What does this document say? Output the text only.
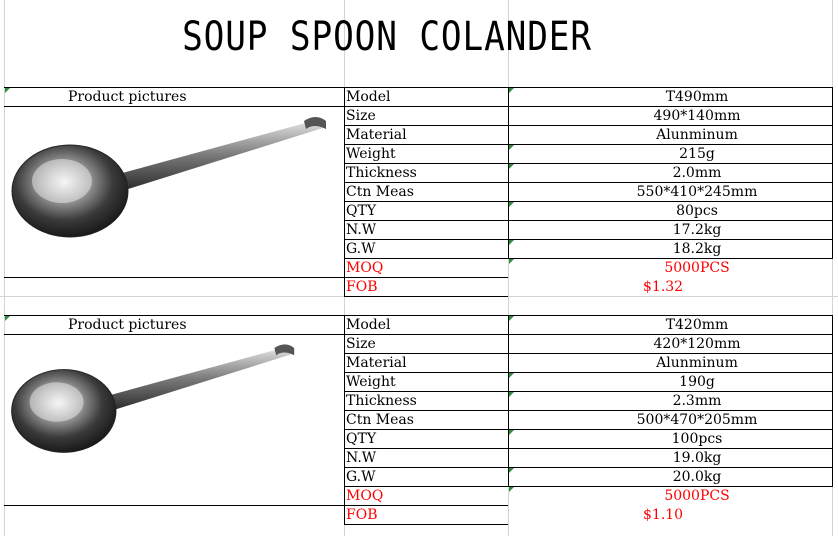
SOUP SPOON COLANDER
Product pictures	Model	T490mm
Size	490*140mm
Material	Alunminum
Weight	215g
Thickness	2.0mm
Ctn Meas	550*410*245mm
QTY	80pcs
N.W	17.2kg
G.W	18.2kg
MOQ	5000PCS
FOB	$1.32
Product pictures	Model	T420mm
Size	420*120mm
Material	Alunminum
Weight	190g
Thickness	2.3mm
Ctn Meas	500*470*205mm
QTY	100pcs
N.W	19.0kg
G.W	20.0kg
MOQ	5000PCS
FOB	$1.10
